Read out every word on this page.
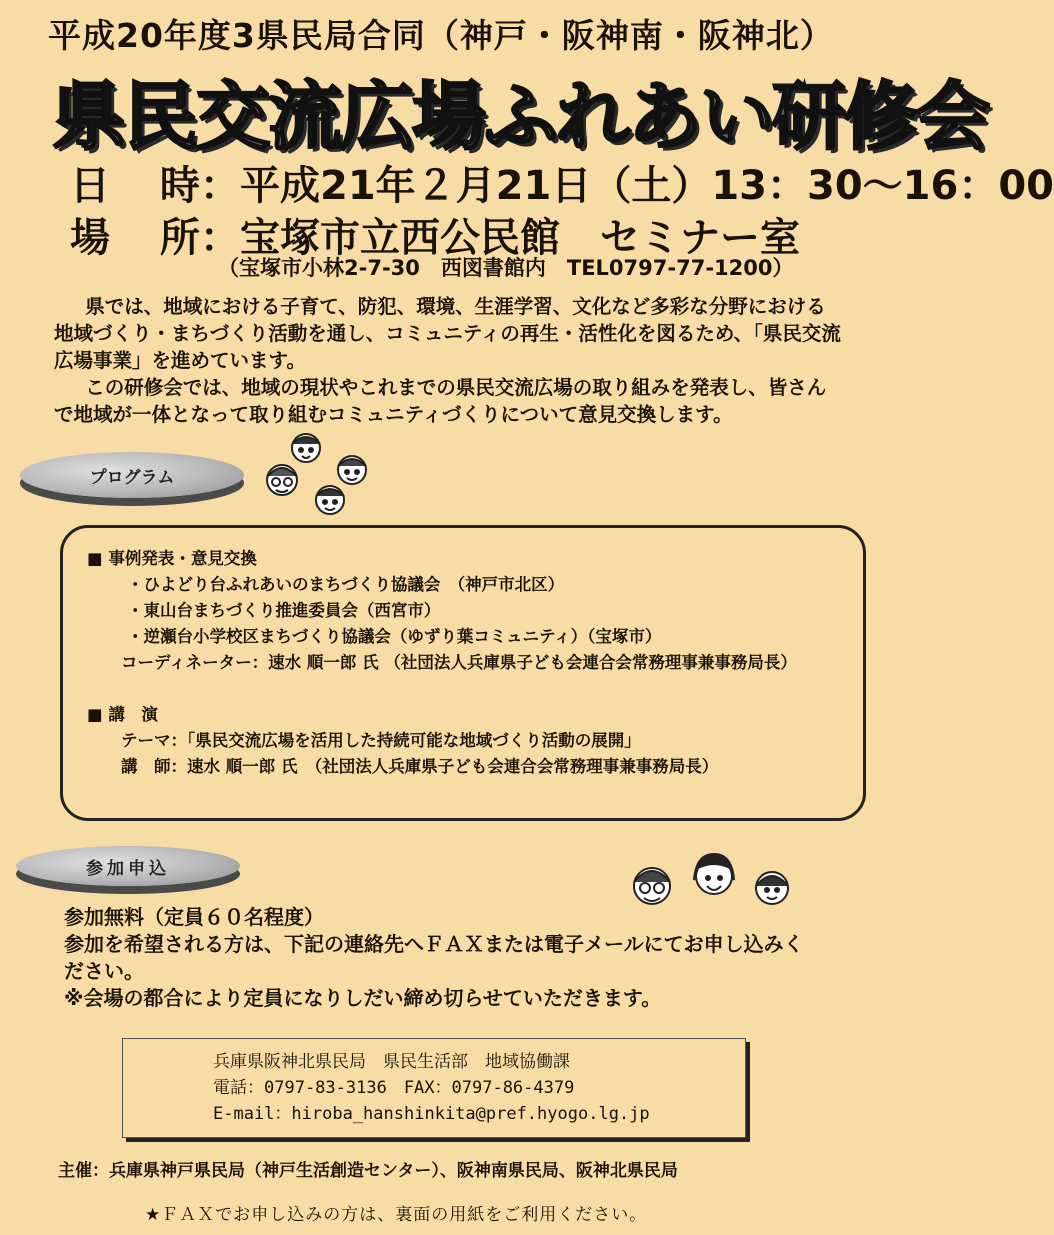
平成20年度3県民局合同（神戸・阪神南・阪神北）
県民交流広場ふれあい研修会
日 時：平成21年２月21日（土）13：30～16：00
場 所：宝塚市立西公民館　セミナー室
（宝塚市小林2-7-30　西図書館内　TEL0797-77-1200）

県では、地域における子育て、防犯、環境、生涯学習、文化など多彩な分野における地域づくり・まちづくり活動を通し、コミュニティの再生・活性化を図るため、「県民交流広場事業」を進めています。

この研修会では、地域の現状やこれまでの県民交流広場の取り組みを発表し、皆さんで地域が一体となって取り組むコミュニティづくりについて意見交換します。

プログラム
■ 事例発表・意見交換
・ひよどり台ふれあいのまちづくり協議会　（神戸市北区）
・東山台まちづくり推進委員会（西宮市）
・逆瀬台小学校区まちづくり協議会（ゆずり葉コミュニティ）（宝塚市）
コーディネーター：速水 順一郎 氏 （社団法人兵庫県子ども会連合会常務理事兼事務局長）
■ 講　演
テーマ：「県民交流広場を活用した持続可能な地域づくり活動の展開」
講　師：速水 順一郎 氏　（社団法人兵庫県子ども会連合会常務理事兼事務局長）
参加申込
参加無料（定員６０名程度）
参加を希望される方は、下記の連絡先へＦＡＸまたは電子メールにてお申し込みく
ださい。
※会場の都合により定員になりしだい締め切らせていただきます。
兵庫県阪神北県民局　県民生活部　地域協働課
電話：0797-83-3136　FAX：0797-86-4379
E-mail：hiroba_hanshinkita@pref.hyogo.lg.jp
主催：兵庫県神戸県民局（神戸生活創造センター）、阪神南県民局、阪神北県民局
★ＦＡＸでお申し込みの方は、裏面の用紙をご利用ください。
